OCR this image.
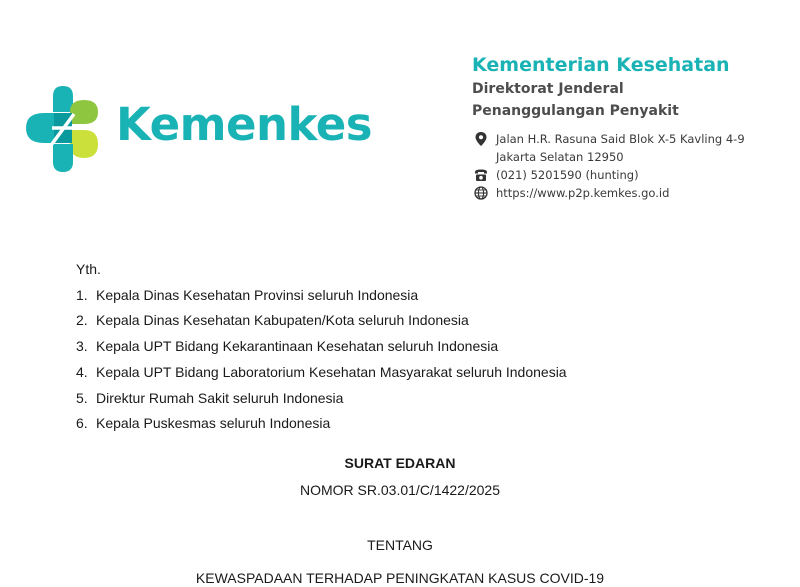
Kemenkes
Kementerian Kesehatan
Direktorat Jenderal
Penanggulangan Penyakit
Jalan H.R. Rasuna Said Blok X-5 Kavling 4-9
Jakarta Selatan 12950
(021) 5201590 (hunting)
https://www.p2p.kemkes.go.id
Yth.
1. Kepala Dinas Kesehatan Provinsi seluruh Indonesia
2. Kepala Dinas Kesehatan Kabupaten/Kota seluruh Indonesia
3. Kepala UPT Bidang Kekarantinaan Kesehatan seluruh Indonesia
4. Kepala UPT Bidang Laboratorium Kesehatan Masyarakat seluruh Indonesia
5. Direktur Rumah Sakit seluruh Indonesia
6. Kepala Puskesmas seluruh Indonesia
SURAT EDARAN
NOMOR SR.03.01/C/1422/2025
TENTANG
KEWASPADAAN TERHADAP PENINGKATAN KASUS COVID-19
